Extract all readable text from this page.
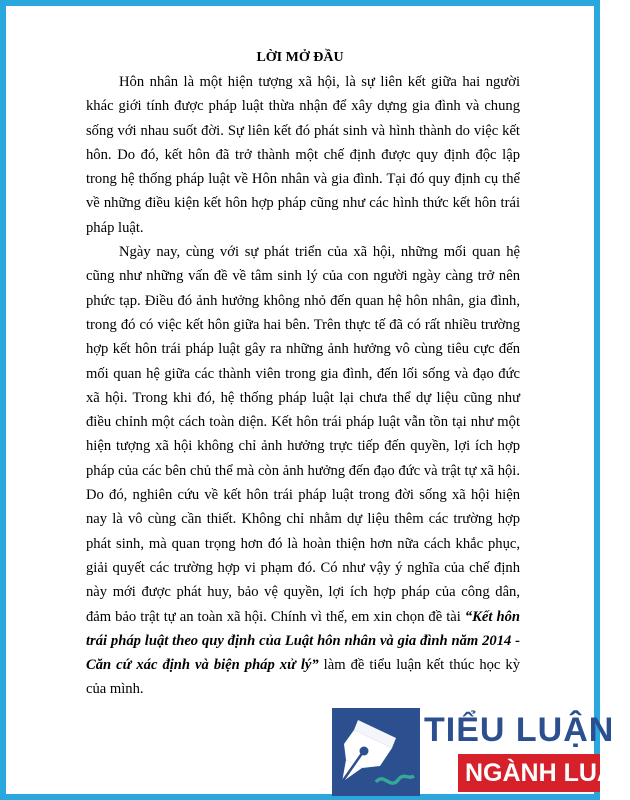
LỜI MỞ ĐẦU

Hôn nhân là một hiện tượng xã hội, là sự liên kết giữa hai người khác giới tính được pháp luật thừa nhận để xây dựng gia đình và chung sống với nhau suốt đời. Sự liên kết đó phát sinh và hình thành do việc kết hôn. Do đó, kết hôn đã trở thành một chế định được quy định độc lập trong hệ thống pháp luật về Hôn nhân và gia đình. Tại đó quy định cụ thể về những điều kiện kết hôn hợp pháp cũng như các hình thức kết hôn trái pháp luật.

Ngày nay, cùng với sự phát triển của xã hội, những mối quan hệ cũng như những vấn đề về tâm sinh lý của con người ngày càng trở nên phức tạp. Điều đó ảnh hưởng không nhỏ đến quan hệ hôn nhân, gia đình, trong đó có việc kết hôn giữa hai bên. Trên thực tế đã có rất nhiều trường hợp kết hôn trái pháp luật gây ra những ảnh hưởng vô cùng tiêu cực đến mối quan hệ giữa các thành viên trong gia đình, đến lối sống và đạo đức xã hội. Trong khi đó, hệ thống pháp luật lại chưa thể dự liệu cũng như điều chỉnh một cách toàn diện. Kết hôn trái pháp luật vẫn tồn tại như một hiện tượng xã hội không chỉ ảnh hưởng trực tiếp đến quyền, lợi ích hợp pháp của các bên chủ thể mà còn ảnh hưởng đến đạo đức và trật tự xã hội. Do đó, nghiên cứu về kết hôn trái pháp luật trong đời sống xã hội hiện nay là vô cùng cần thiết. Không chỉ nhằm dự liệu thêm các trường hợp phát sinh, mà quan trọng hơn đó là hoàn thiện hơn nữa cách khắc phục, giải quyết các trường hợp vi phạm đó. Có như vậy ý nghĩa của chế định này mới được phát huy, bảo vệ quyền, lợi ích hợp pháp của công dân, đảm bảo trật tự an toàn xã hội. Chính vì thế, em xin chọn đề tài “Kết hôn trái pháp luật theo quy định của Luật hôn nhân và gia đình năm 2014 - Căn cứ xác định và biện pháp xử lý” làm đề tiểu luận kết thúc học kỳ của mình.

TIỂU LUẬN
NGÀNH LUẬT
